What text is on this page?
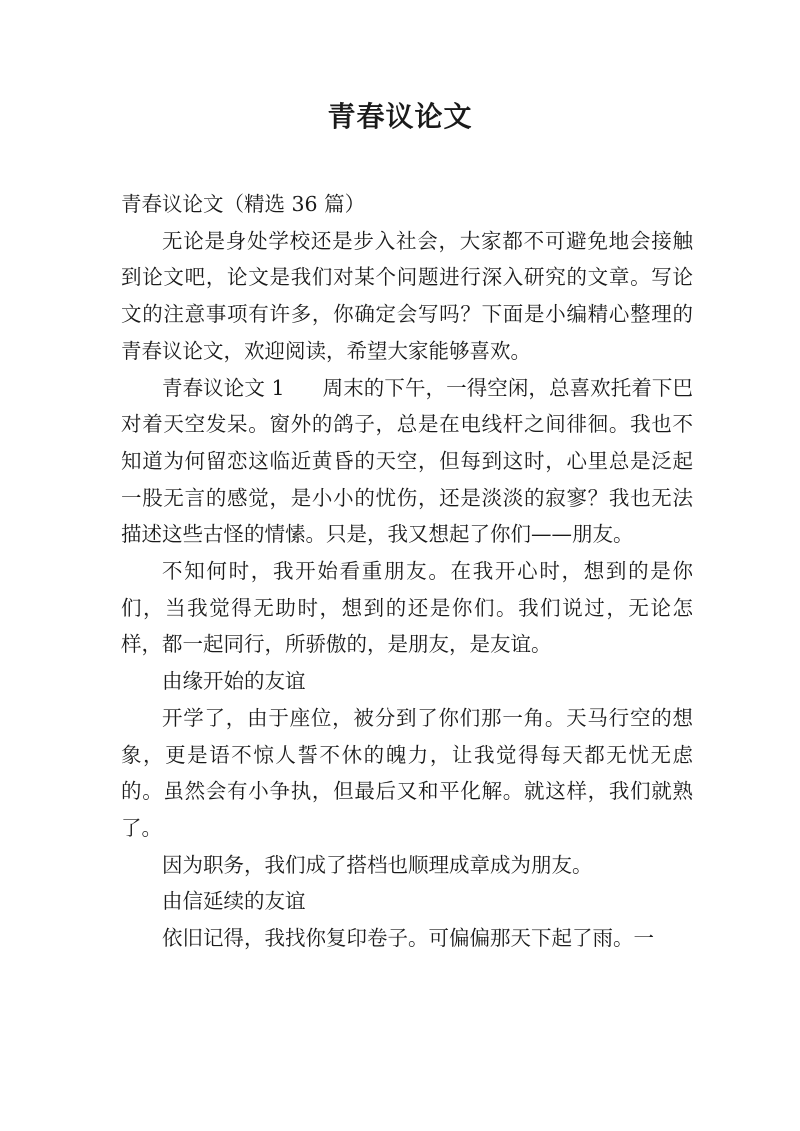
青春议论文

青春议论文（精选 36 篇）

无论是身处学校还是步入社会，大家都不可避免地会接触到论文吧，论文是我们对某个问题进行深入研究的文章。写论文的注意事项有许多，你确定会写吗？下面是小编精心整理的青春议论文，欢迎阅读，希望大家能够喜欢。

青春议论文 1 周末的下午，一得空闲，总喜欢托着下巴对着天空发呆。窗外的鸽子，总是在电线杆之间徘徊。我也不知道为何留恋这临近黄昏的天空，但每到这时，心里总是泛起一股无言的感觉，是小小的忧伤，还是淡淡的寂寥？我也无法描述这些古怪的情愫。只是，我又想起了你们——朋友。

不知何时，我开始看重朋友。在我开心时，想到的是你们，当我觉得无助时，想到的还是你们。我们说过，无论怎样，都一起同行，所骄傲的，是朋友，是友谊。

由缘开始的友谊

开学了，由于座位，被分到了你们那一角。天马行空的想象，更是语不惊人誓不休的魄力，让我觉得每天都无忧无虑的。虽然会有小争执，但最后又和平化解。就这样，我们就熟了。

因为职务，我们成了搭档也顺理成章成为朋友。

由信延续的友谊

依旧记得，我找你复印卷子。可偏偏那天下起了雨。一
